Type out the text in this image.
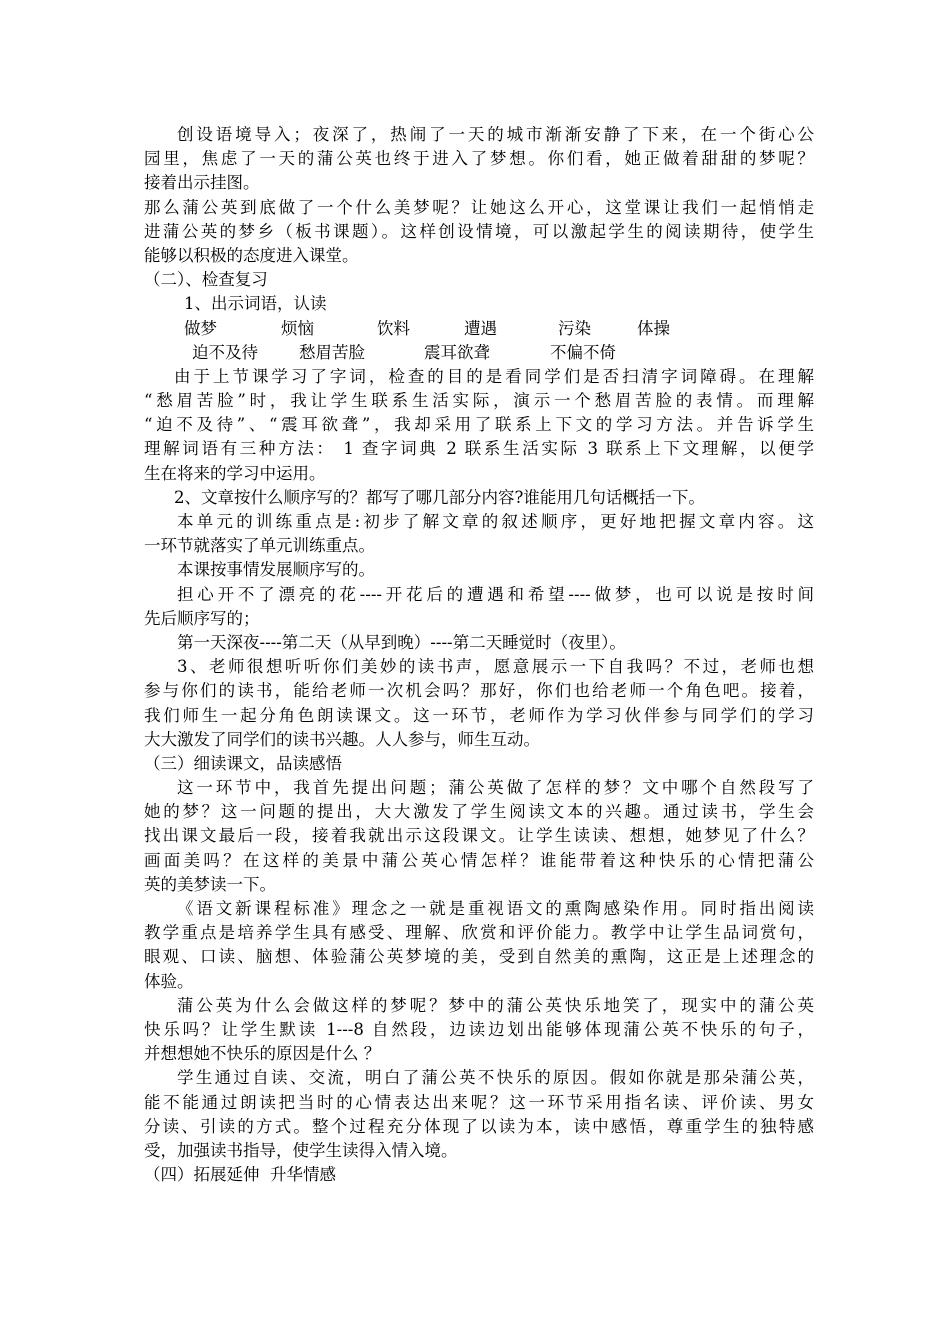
创设语境导入；夜深了，热闹了一天的城市渐渐安静了下来，在一个街心公
园里，焦虑了一天的蒲公英也终于进入了梦想。你们看，她正做着甜甜的梦呢？
接着出示挂图。
那么蒲公英到底做了一个什么美梦呢？让她这么开心，这堂课让我们一起悄悄走
进蒲公英的梦乡（板书课题）。这样创设情境，可以激起学生的阅读期待，使学生
能够以积极的态度进入课堂。
（二）、检查复习
1、出示词语，认读
做梦	烦恼	饮料	遭遇	污染	体操
迫不及待	愁眉苦脸	震耳欲聋	不偏不倚
由于上节课学习了字词，检查的目的是看同学们是否扫清字词障碍。在理解
“愁眉苦脸”时，我让学生联系生活实际，演示一个愁眉苦脸的表情。而理解
“迫不及待”、“震耳欲聋”，我却采用了联系上下文的学习方法。并告诉学生
理解词语有三种方法： 1 查字词典 2 联系生活实际 3 联系上下文理解，以便学
生在将来的学习中运用。
2、文章按什么顺序写的？都写了哪几部分内容?谁能用几句话概括一下。
本单元的训练重点是:初步了解文章的叙述顺序，更好地把握文章内容。这
一环节就落实了单元训练重点。
本课按事情发展顺序写的。
担心开不了漂亮的花----开花后的遭遇和希望----做梦，也可以说是按时间
先后顺序写的；
第一天深夜----第二天（从早到晚）----第二天睡觉时（夜里）。
3、老师很想听听你们美妙的读书声，愿意展示一下自我吗？不过，老师也想
参与你们的读书，能给老师一次机会吗？那好，你们也给老师一个角色吧。接着，
我们师生一起分角色朗读课文。这一环节，老师作为学习伙伴参与同学们的学习
大大激发了同学们的读书兴趣。人人参与，师生互动。
（三）细读课文，品读感悟
这一环节中，我首先提出问题；蒲公英做了怎样的梦？文中哪个自然段写了
她的梦？这一问题的提出，大大激发了学生阅读文本的兴趣。通过读书，学生会
找出课文最后一段，接着我就出示这段课文。让学生读读、想想，她梦见了什么？
画面美吗？在这样的美景中蒲公英心情怎样？谁能带着这种快乐的心情把蒲公
英的美梦读一下。
《语文新课程标准》理念之一就是重视语文的熏陶感染作用。同时指出阅读
教学重点是培养学生具有感受、理解、欣赏和评价能力。教学中让学生品词赏句，
眼观、口读、脑想、体验蒲公英梦境的美，受到自然美的熏陶，这正是上述理念的
体验。
蒲公英为什么会做这样的梦呢？梦中的蒲公英快乐地笑了，现实中的蒲公英
快乐吗？让学生默读 1---8 自然段，边读边划出能够体现蒲公英不快乐的句子，
并想想她不快乐的原因是什么 ？
学生通过自读、交流，明白了蒲公英不快乐的原因。假如你就是那朵蒲公英，
能不能通过朗读把当时的心情表达出来呢？这一环节采用指名读、评价读、男女
分读、引读的方式。整个过程充分体现了以读为本，读中感悟，尊重学生的独特感
受，加强读书指导，使学生读得入情入境。
（四）拓展延伸  升华情感
